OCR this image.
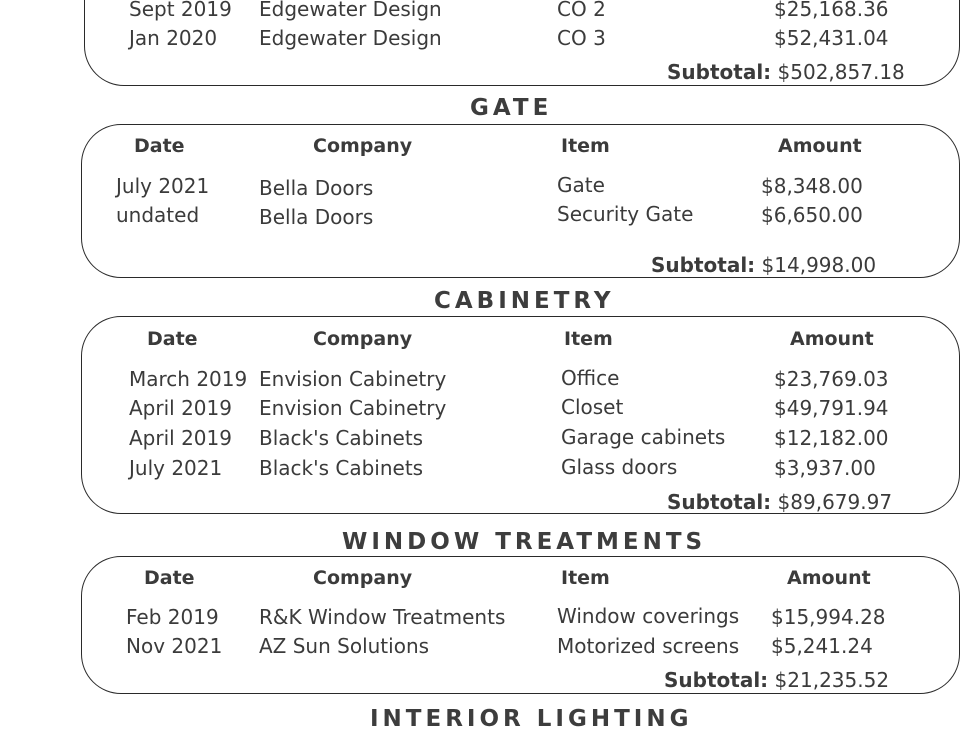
Sept 2019 Edgewater Design	CO 2	$25,168.36
Jan 2020 Edgewater Design	CO 3	$52,431.04
Subtotal: $502,857.18
GATE
Date	Company	Item	Amount
July 2021 Bella Doors	Gate	$8,348.00
undated	Bella Doors	Security Gate	$6,650.00
Subtotal: $14,998.00
CABINETRY
Date	Company	Item	Amount
March 2019 Envision Cabinetry	Office	$23,769.03
April 2019 Envision Cabinetry	Closet	$49,791.94
April 2019 Black's Cabinets	Garage cabinets $12,182.00
July 2021 Black's Cabinets	Glass doors	$3,937.00
Subtotal: $89,679.97
WINDOW TREATMENTS
Date	Company	Item	Amount
Feb 2019 R&K Window Treatments	Window coverings $15,994.28
Nov 2021 AZ Sun Solutions	Motorized screens $5,241.24
Subtotal: $21,235.52
INTERIOR LIGHTING
